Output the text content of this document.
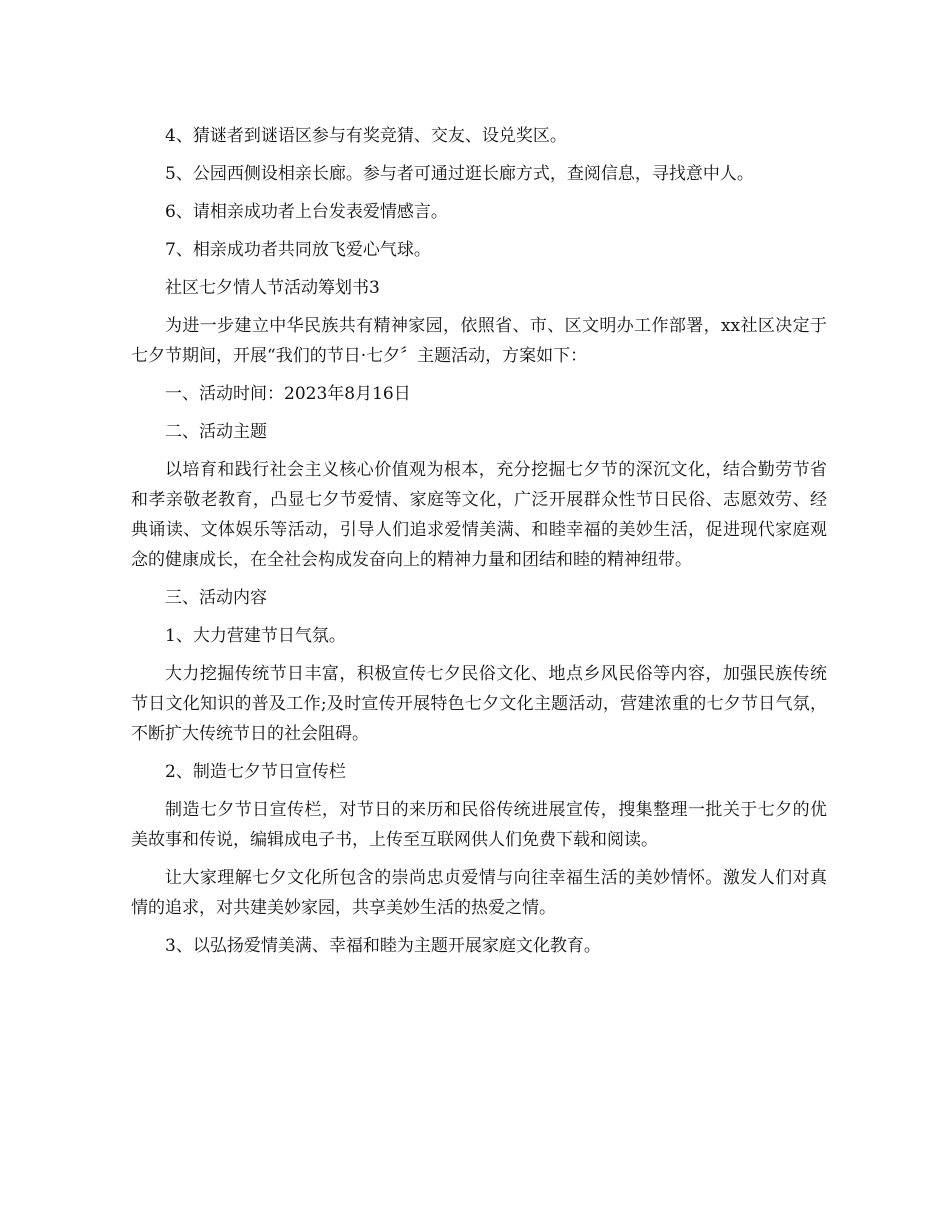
4、猜谜者到谜语区参与有奖竞猜、交友、设兑奖区。

5、公园西侧设相亲长廊。参与者可通过逛长廊方式，查阅信息，寻找意中人。

6、请相亲成功者上台发表爱情感言。

7、相亲成功者共同放飞爱心气球。

社区七夕情人节活动筹划书3

为进一步建立中华民族共有精神家园，依照省、市、区文明办工作部署，xx社区决定于七夕节期间，开展“我们的节日·七夕〞主题活动，方案如下：

一、活动时间：2023年8月16日

二、活动主题

以培育和践行社会主义核心价值观为根本，充分挖掘七夕节的深沉文化，结合勤劳节省和孝亲敬老教育，凸显七夕节爱情、家庭等文化，广泛开展群众性节日民俗、志愿效劳、经典诵读、文体娱乐等活动，引导人们追求爱情美满、和睦幸福的美妙生活，促进现代家庭观念的健康成长，在全社会构成发奋向上的精神力量和团结和睦的精神纽带。

三、活动内容

1、大力营建节日气氛。

大力挖掘传统节日丰富，积极宣传七夕民俗文化、地点乡风民俗等内容，加强民族传统节日文化知识的普及工作;及时宣传开展特色七夕文化主题活动，营建浓重的七夕节日气氛，不断扩大传统节日的社会阻碍。

2、制造七夕节日宣传栏

制造七夕节日宣传栏，对节日的来历和民俗传统进展宣传，搜集整理一批关于七夕的优美故事和传说，编辑成电子书，上传至互联网供人们免费下载和阅读。

让大家理解七夕文化所包含的崇尚忠贞爱情与向往幸福生活的美妙情怀。激发人们对真情的追求，对共建美妙家园，共享美妙生活的热爱之情。

3、以弘扬爱情美满、幸福和睦为主题开展家庭文化教育。
